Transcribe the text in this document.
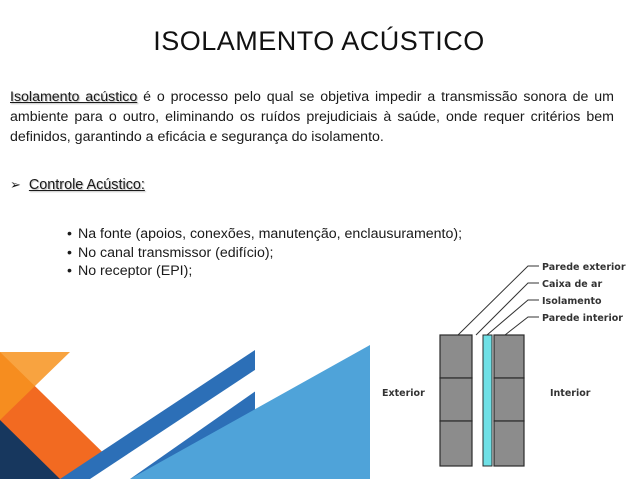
ISOLAMENTO ACÚSTICO

Isolamento acústico é o processo pelo qual se objetiva impedir a transmissão sonora de um ambiente para o outro, eliminando os ruídos prejudiciais à saúde, onde requer critérios bem definidos, garantindo a eficácia e segurança do isolamento.

➢ Controle Acústico:
• Na fonte (apoios, conexões, manutenção, enclausuramento);
• No canal transmissor (edifício);
• No receptor (EPI);	Parede exterior
Caixa de ar
Isolamento
Parede interior
Exterior	Interior
